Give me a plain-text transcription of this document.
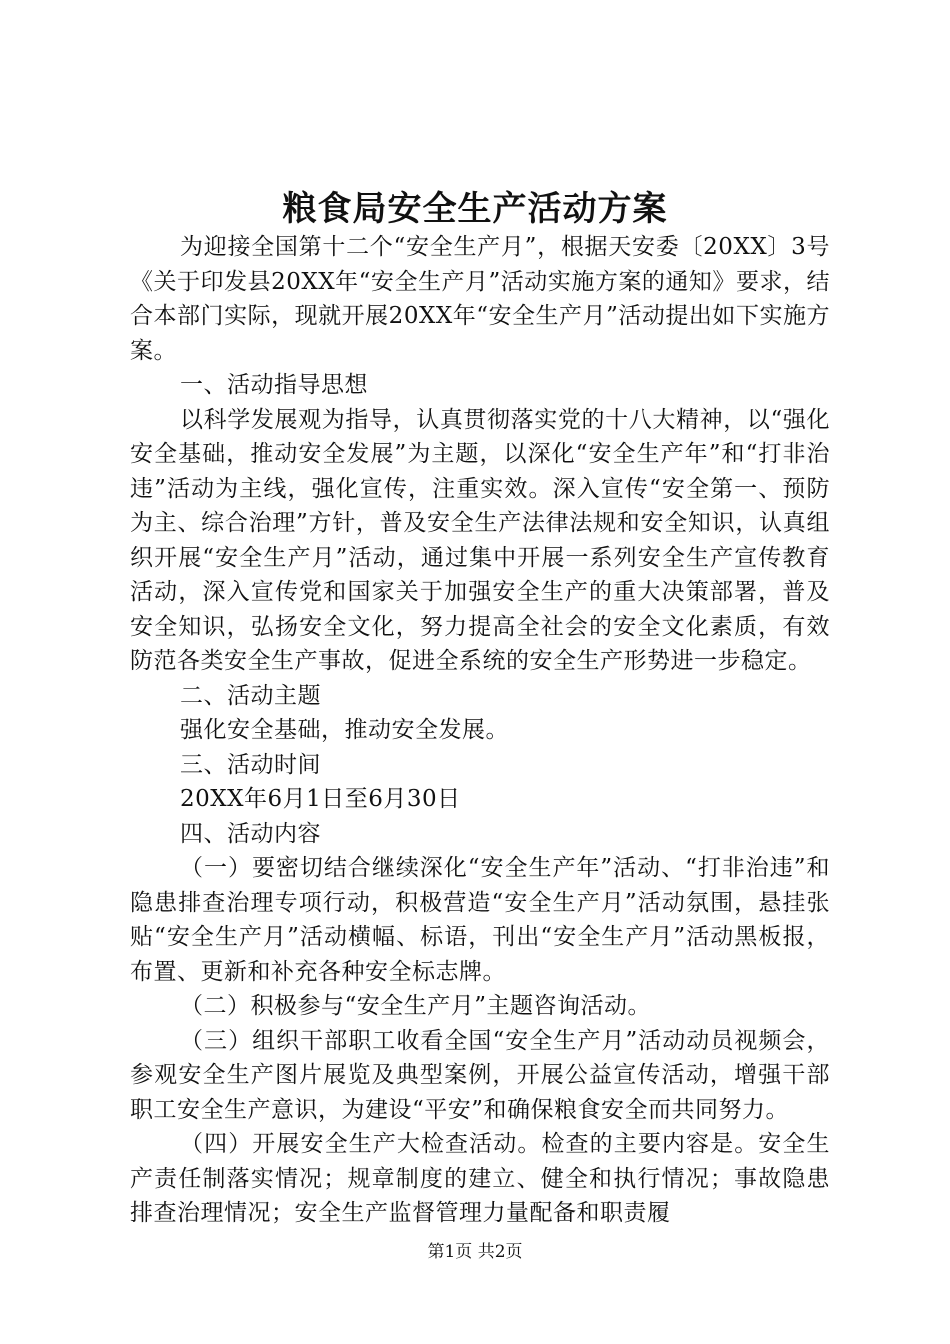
粮食局安全生产活动方案

为迎接全国第十二个“安全生产月”，根据天安委〔20XX〕3号《关于印发县20XX年“安全生产月”活动实施方案的通知》要求，结合本部门实际，现就开展20XX年“安全生产月”活动提出如下实施方案。

一、活动指导思想

以科学发展观为指导，认真贯彻落实党的十八大精神，以“强化安全基础，推动安全发展”为主题，以深化“安全生产年”和“打非治违”活动为主线，强化宣传，注重实效。深入宣传“安全第一、预防为主、综合治理”方针，普及安全生产法律法规和安全知识，认真组织开展“安全生产月”活动，通过集中开展一系列安全生产宣传教育活动，深入宣传党和国家关于加强安全生产的重大决策部署，普及安全知识，弘扬安全文化，努力提高全社会的安全文化素质，有效防范各类安全生产事故，促进全系统的安全生产形势进一步稳定。

二、活动主题

强化安全基础，推动安全发展。

三、活动时间

20XX年6月1日至6月30日

四、活动内容

（一）要密切结合继续深化“安全生产年”活动、“打非治违”和隐患排查治理专项行动，积极营造“安全生产月”活动氛围，悬挂张贴“安全生产月”活动横幅、标语，刊出“安全生产月”活动黑板报，布置、更新和补充各种安全标志牌。

（二）积极参与“安全生产月”主题咨询活动。

（三）组织干部职工收看全国“安全生产月”活动动员视频会，参观安全生产图片展览及典型案例，开展公益宣传活动，增强干部职工安全生产意识，为建设“平安”和确保粮食安全而共同努力。

（四）开展安全生产大检查活动。检查的主要内容是。安全生产责任制落实情况；规章制度的建立、健全和执行情况；事故隐患排查治理情况；安全生产监督管理力量配备和职责履

第1页 共2页
